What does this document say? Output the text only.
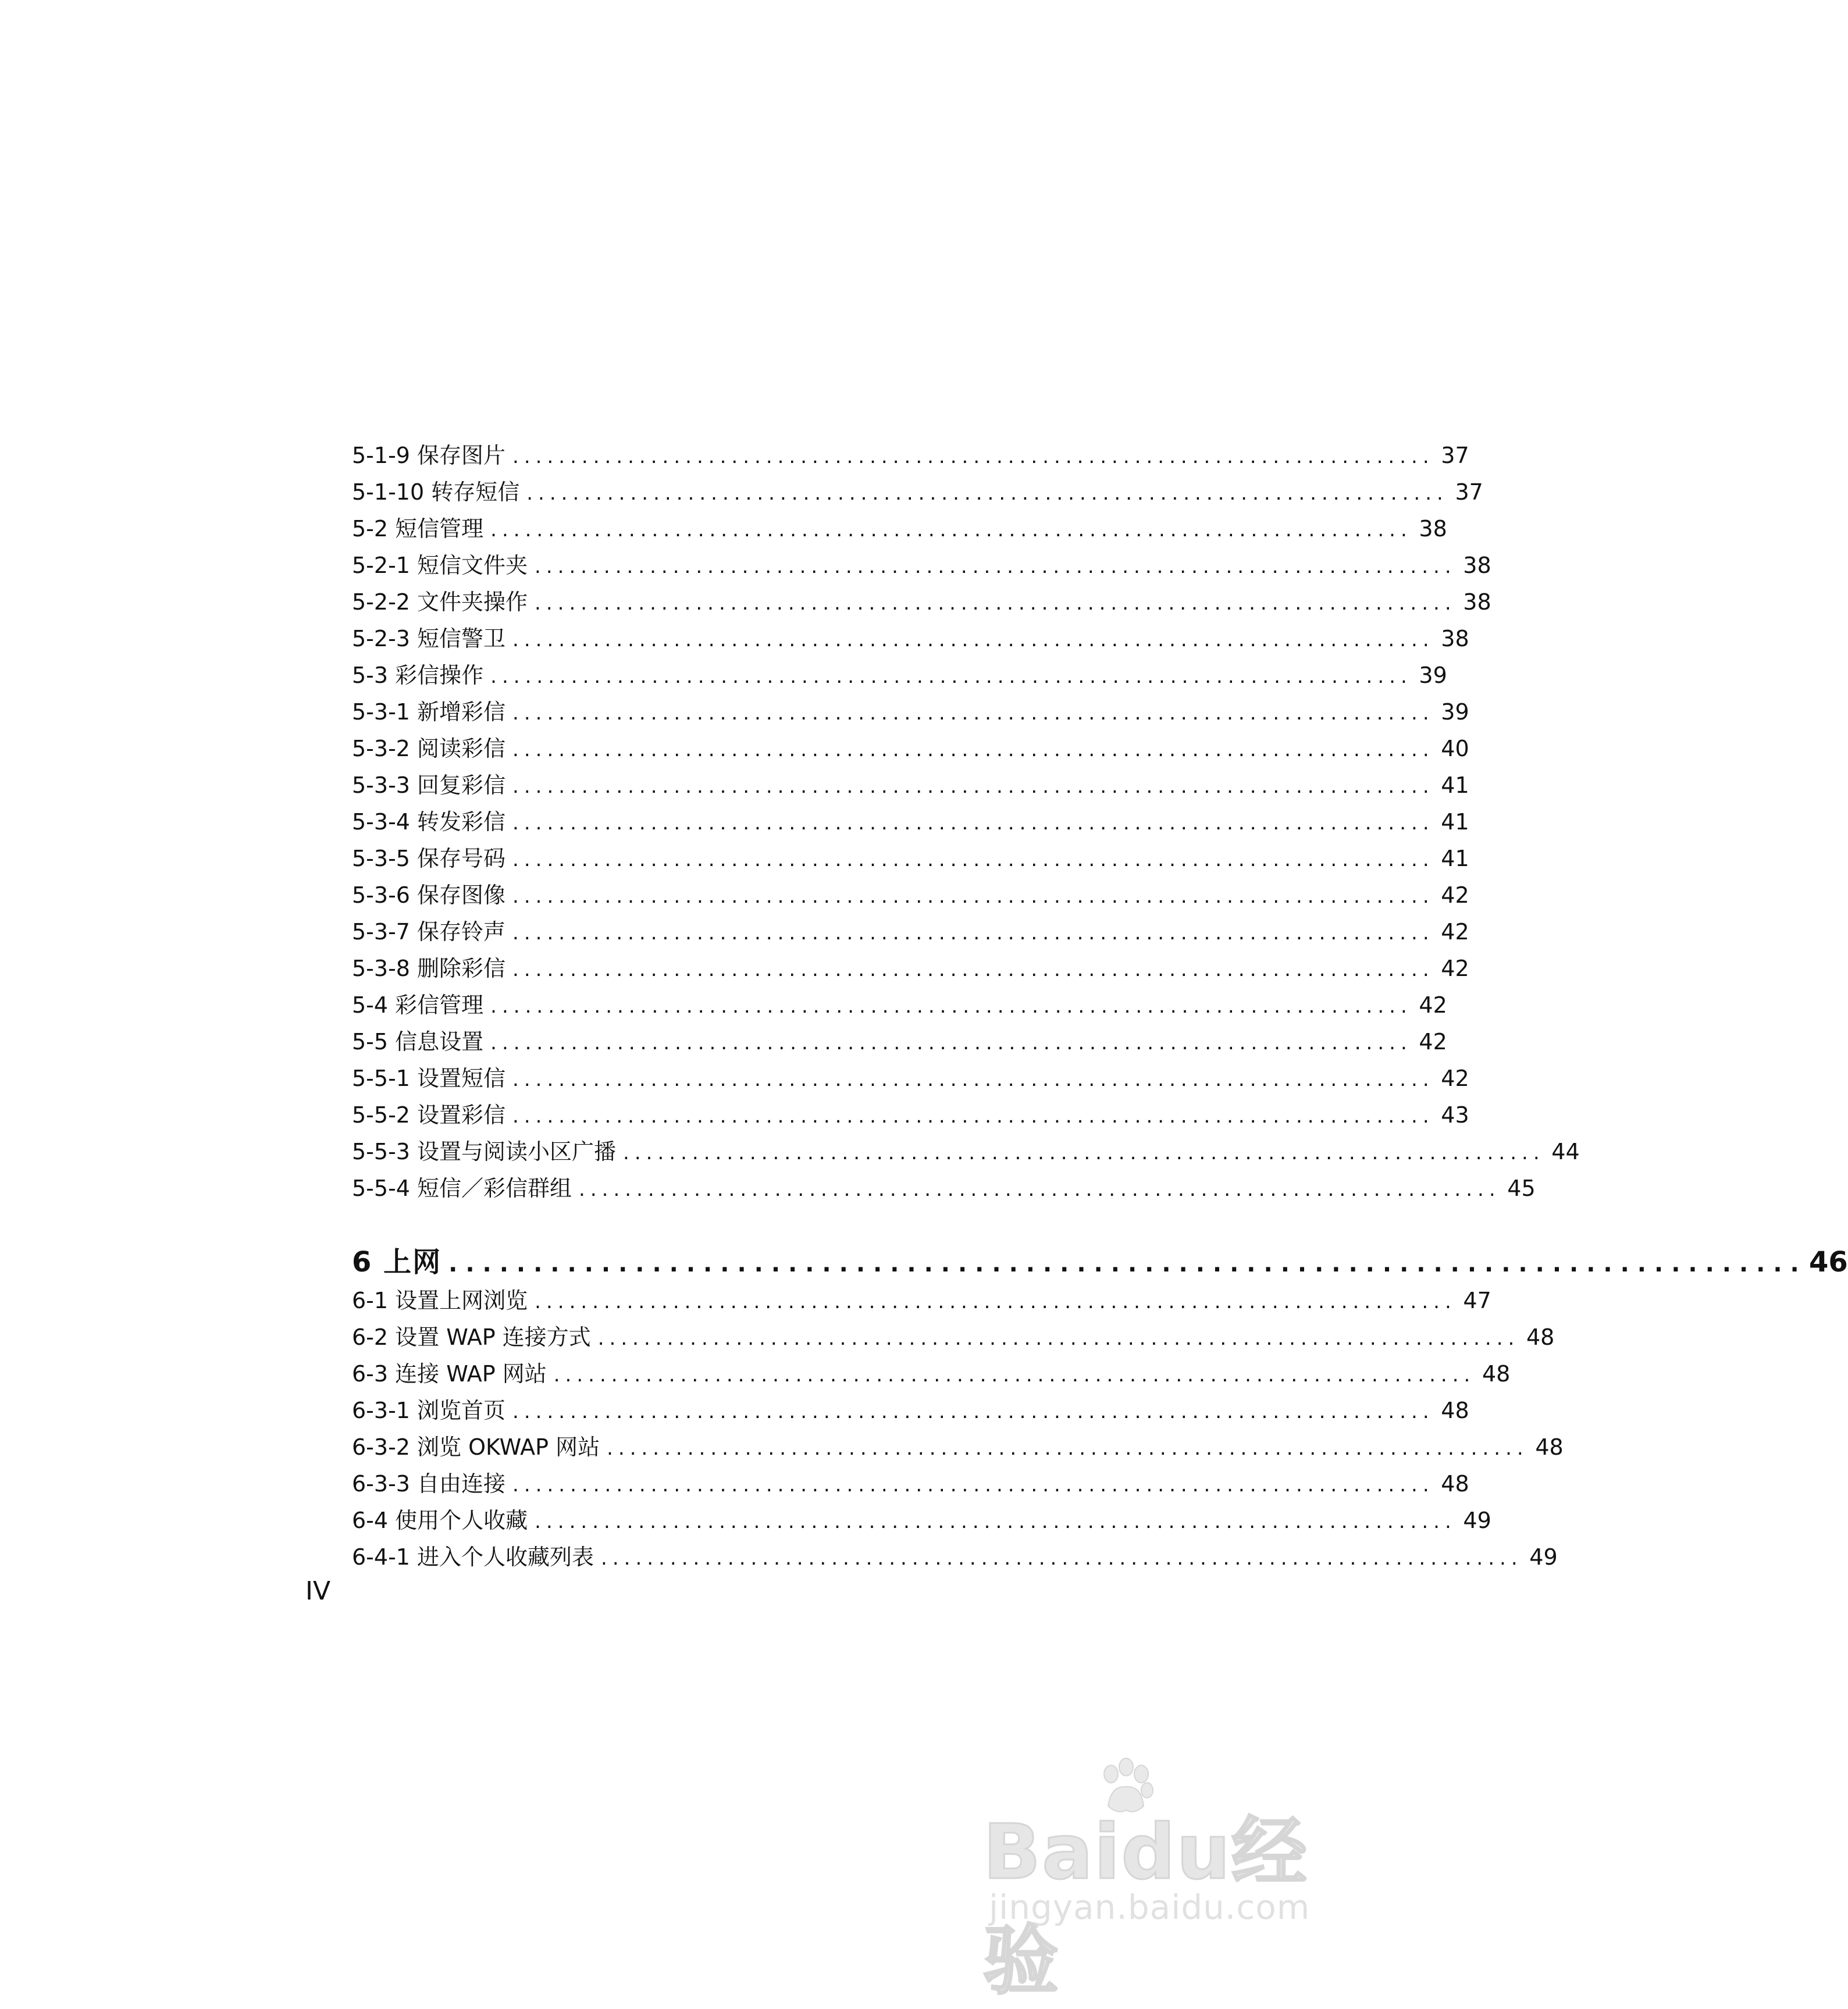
5-1-9 保存图片 ................................................................................ 37
5-1-10 转存短信 ................................................................................ 37
5-2 短信管理 ................................................................................ 38
5-2-1 短信文件夹 ................................................................................ 38
5-2-2 文件夹操作 ................................................................................ 38
5-2-3 短信警卫 ................................................................................ 38
5-3 彩信操作 ................................................................................ 39
5-3-1 新增彩信 ................................................................................ 39
5-3-2 阅读彩信 ................................................................................ 40
5-3-3 回复彩信 ................................................................................ 41
5-3-4 转发彩信 ................................................................................ 41
5-3-5 保存号码 ................................................................................ 41
5-3-6 保存图像 ................................................................................ 42
5-3-7 保存铃声 ................................................................................ 42
5-3-8 删除彩信 ................................................................................ 42
5-4 彩信管理 ................................................................................ 42
5-5 信息设置 ................................................................................ 42
5-5-1 设置短信 ................................................................................ 42
5-5-2 设置彩信 ................................................................................ 43
5-5-3 设置与阅读小区广播 ................................................................................ 44
5-5-4 短信／彩信群组 ................................................................................ 45
6 上网 ................................................................................ 46
6-1 设置上网浏览 ................................................................................ 47
6-2 设置 WAP 连接方式 ................................................................................ 48
6-3 连接 WAP 网站 ................................................................................ 48
6-3-1 浏览首页 ................................................................................ 48
6-3-2 浏览 OKWAP 网站 ................................................................................ 48
6-3-3 自由连接 ................................................................................ 48
6-4 使用个人收藏 ................................................................................ 49
6-4-1 进入个人收藏列表 ................................................................................ 49
IV
Baidu经验
jingyan.baidu.com
